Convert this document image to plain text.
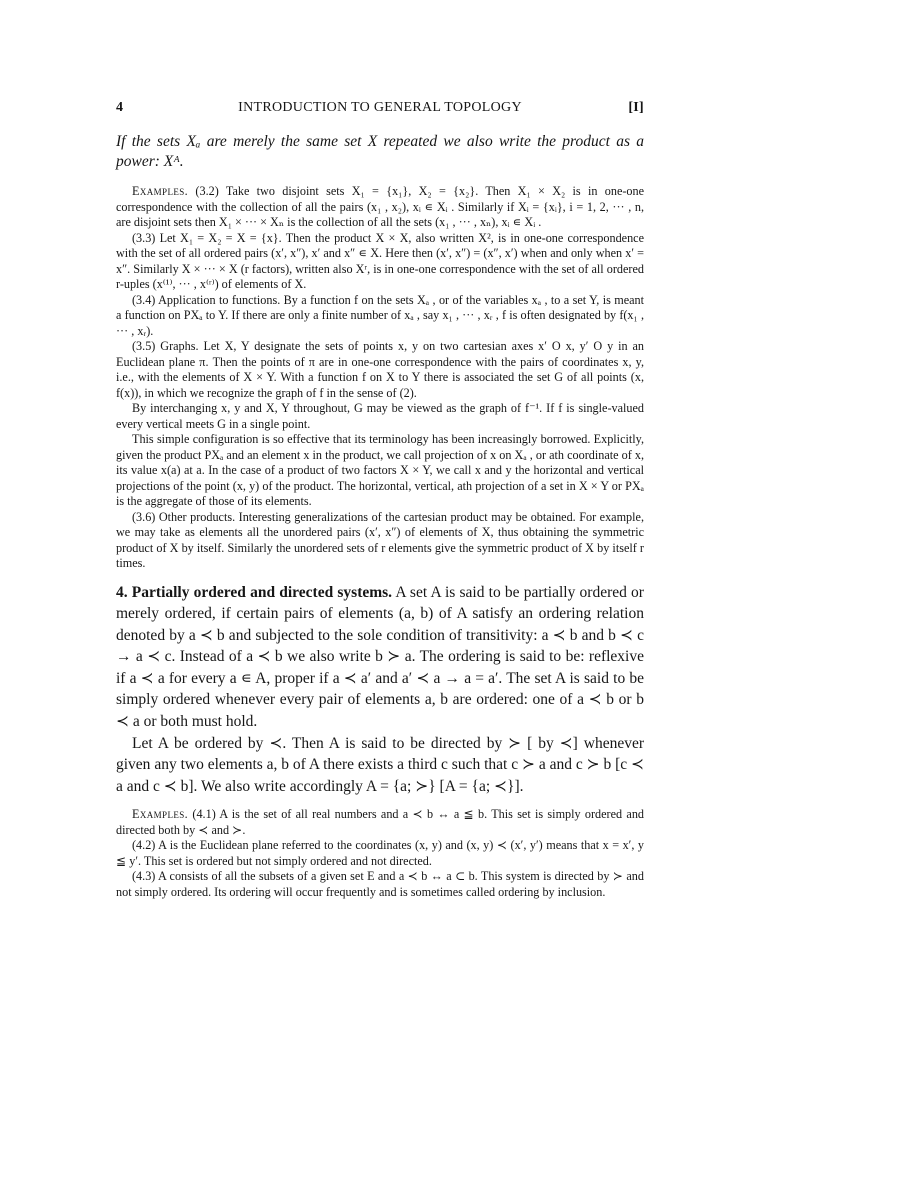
4	INTRODUCTION TO GENERAL TOPOLOGY	[I]

If the sets Xₐ are merely the same set X repeated we also write the product as a power: Xᴬ.

Examples. (3.2) Take two disjoint sets X₁ = {x₁}, X₂ = {x₂}. Then X₁ × X₂ is in one-one correspondence with the collection of all the pairs (x₁ , x₂), xᵢ ∊ Xᵢ . Similarly if Xᵢ = {xᵢ}, i = 1, 2, ··· , n, are disjoint sets then X₁ × ··· × Xₙ is the collection of all the sets (x₁ , ··· , xₙ), xᵢ ∊ Xᵢ .

(3.3) Let X₁ = X₂ = X = {x}. Then the product X × X, also written X², is in one-one correspondence with the set of all ordered pairs (x′, x″), x′ and x″ ∊ X. Here then (x′, x″) = (x″, x′) when and only when x′ = x″. Similarly X × ··· × X (r factors), written also Xʳ, is in one-one correspondence with the set of all ordered r-uples (x⁽¹⁾, ··· , x⁽ʳ⁾) of elements of X.

(3.4) Application to functions. By a function f on the sets Xₐ , or of the variables xₐ , to a set Y, is meant a function on PXₐ to Y. If there are only a finite number of xₐ , say x₁ , ··· , xᵣ , f is often designated by f(x₁ , ··· , xᵣ).

(3.5) Graphs. Let X, Y designate the sets of points x, y on two cartesian axes x′ O x, y′ O y in an Euclidean plane π. Then the points of π are in one-one correspondence with the pairs of coordinates x, y, i.e., with the elements of X × Y. With a function f on X to Y there is associated the set G of all points (x, f(x)), in which we recognize the graph of f in the sense of (2).

By interchanging x, y and X, Y throughout, G may be viewed as the graph of f⁻¹. If f is single-valued every vertical meets G in a single point.

This simple configuration is so effective that its terminology has been increasingly borrowed. Explicitly, given the product PXₐ and an element x in the product, we call projection of x on Xₐ , or ath coordinate of x, its value x(a) at a. In the case of a product of two factors X × Y, we call x and y the horizontal and vertical projections of the point (x, y) of the product. The horizontal, vertical, ath projection of a set in X × Y or PXₐ is the aggregate of those of its elements.

(3.6) Other products. Interesting generalizations of the cartesian product may be obtained. For example, we may take as elements all the unordered pairs (x′, x″) of elements of X, thus obtaining the symmetric product of X by itself. Similarly the unordered sets of r elements give the symmetric product of X by itself r times.

4. Partially ordered and directed systems. A set A is said to be partially ordered or merely ordered, if certain pairs of elements (a, b) of A satisfy an ordering relation denoted by a ≺ b and subjected to the sole condition of transitivity: a ≺ b and b ≺ c → a ≺ c. Instead of a ≺ b we also write b ≻ a. The ordering is said to be: reflexive if a ≺ a for every a ∊ A, proper if a ≺ a′ and a′ ≺ a → a = a′. The set A is said to be simply ordered whenever every pair of elements a, b are ordered: one of a ≺ b or b ≺ a or both must hold.

Let A be ordered by ≺. Then A is said to be directed by ≻ [ by ≺] whenever given any two elements a, b of A there exists a third c such that c ≻ a and c ≻ b [c ≺ a and c ≺ b]. We also write accordingly A = {a; ≻} [A = {a; ≺}].

Examples. (4.1) A is the set of all real numbers and a ≺ b ↔ a ≦ b. This set is simply ordered and directed both by ≺ and ≻.

(4.2) A is the Euclidean plane referred to the coordinates (x, y) and (x, y) ≺ (x′, y′) means that x = x′, y ≦ y′. This set is ordered but not simply ordered and not directed.

(4.3) A consists of all the subsets of a given set E and a ≺ b ↔ a ⊂ b. This system is directed by ≻ and not simply ordered. Its ordering will occur frequently and is sometimes called ordering by inclusion.
